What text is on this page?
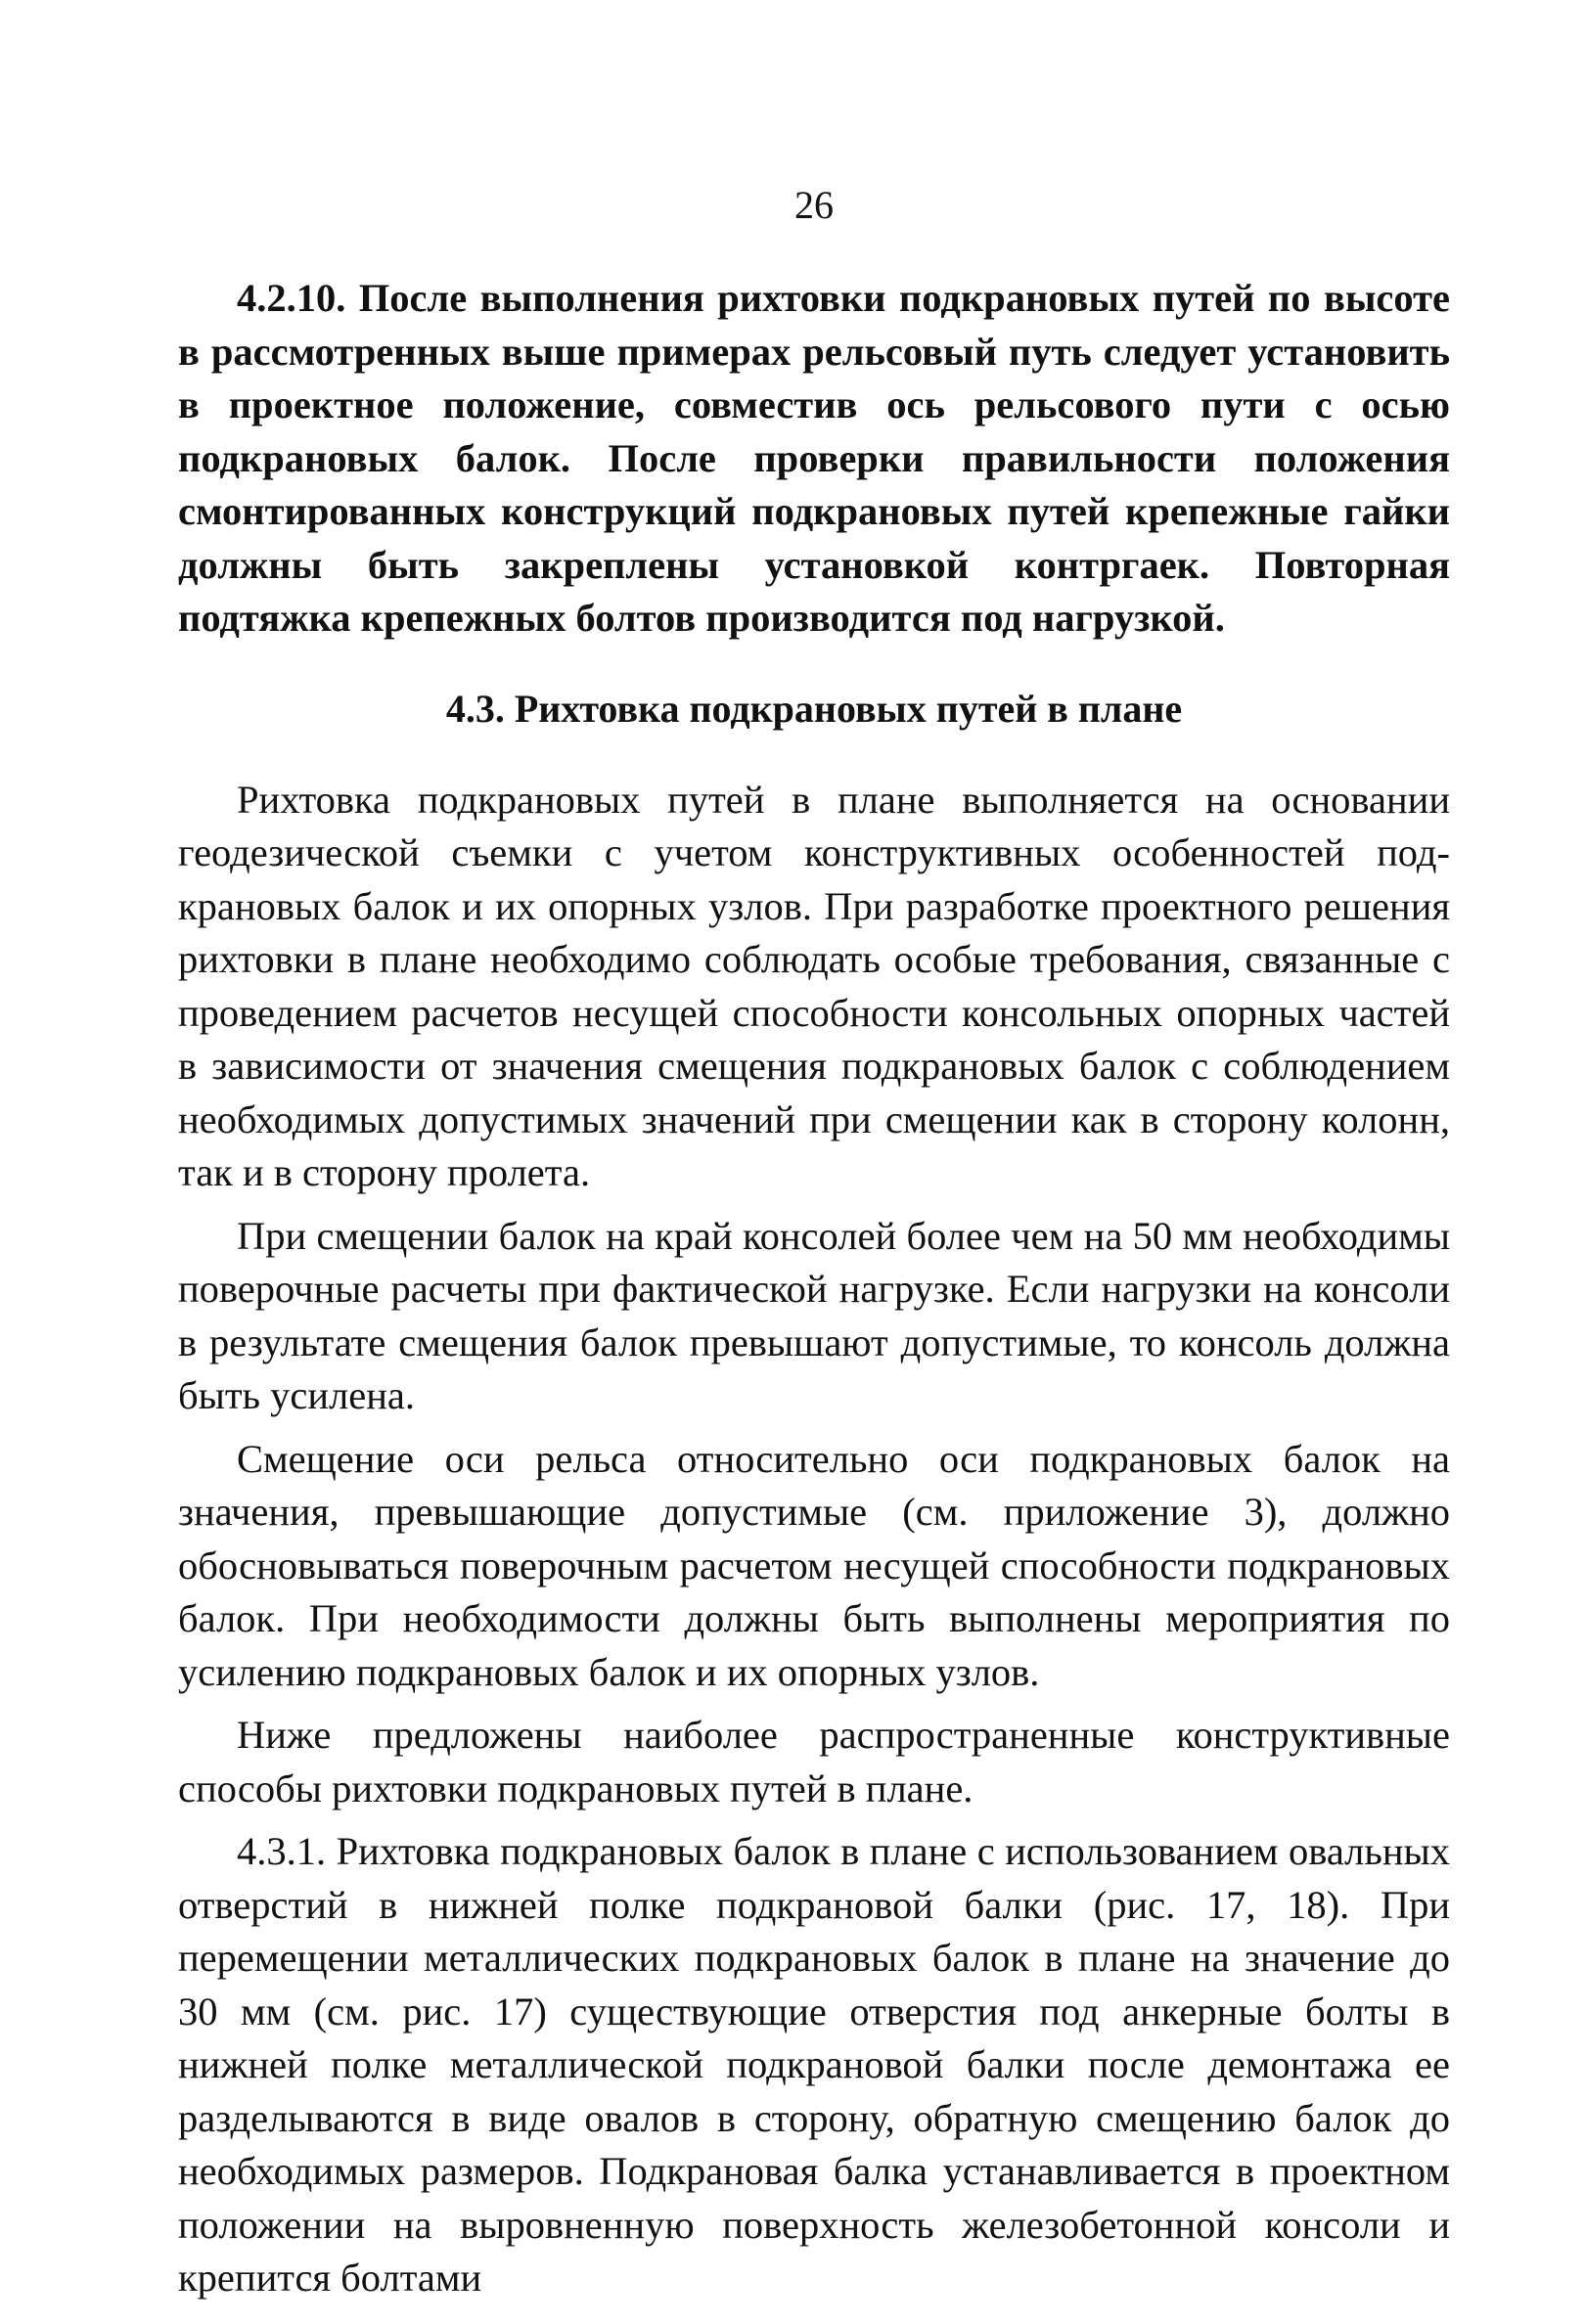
26

4.2.10. После выполнения рихтовки подкрановых путей по высоте в рассмотренных выше примерах рельсовый путь следует установить в проектное положение, совместив ось рельсового пути с осью подкрановых балок. После проверки правильности положения смонтированных конструкций подкрановых путей крепежные гайки должны быть закреплены установкой контргаек. Повторная подтяжка крепежных болтов производится под нагрузкой.

4.3. Рихтовка подкрановых путей в плане

Рихтовка подкрановых путей в плане выполняется на основании геодезической съемки с учетом конструктивных особенностей подкрановых балок и их опорных узлов. При разработке проектного решения рихтовки в плане необходимо соблюдать особые требования, связанные с проведением расчетов несущей способности консольных опорных частей в зависимости от значения смещения подкрановых балок с соблюдением необходимых допустимых значений при смещении как в сторону колонн, так и в сторону пролета.

При смещении балок на край консолей более чем на 50 мм необходимы поверочные расчеты при фактической нагрузке. Если нагрузки на консоли в результате смещения балок превышают допустимые, то консоль должна быть усилена.

Смещение оси рельса относительно оси подкрановых балок на значения, превышающие допустимые (см. приложение 3), должно обосновываться поверочным расчетом несущей способности подкрановых балок. При необходимости должны быть выполнены мероприятия по усилению подкрановых балок и их опорных узлов.

Ниже предложены наиболее распространенные конструктивные способы рихтовки подкрановых путей в плане.

4.3.1. Рихтовка подкрановых балок в плане с использованием овальных отверстий в нижней полке подкрановой балки (рис. 17, 18). При перемещении металлических подкрановых балок в плане на значение до 30 мм (см. рис. 17) существующие отверстия под анкерные болты в нижней полке металлической подкрановой балки после демонтажа ее разделываются в виде овалов в сторону, обратную смещению балок до необходимых размеров. Подкрановая балка устанавливается в проектном положении на выровненную поверхность железобетонной консоли и крепится болтами
